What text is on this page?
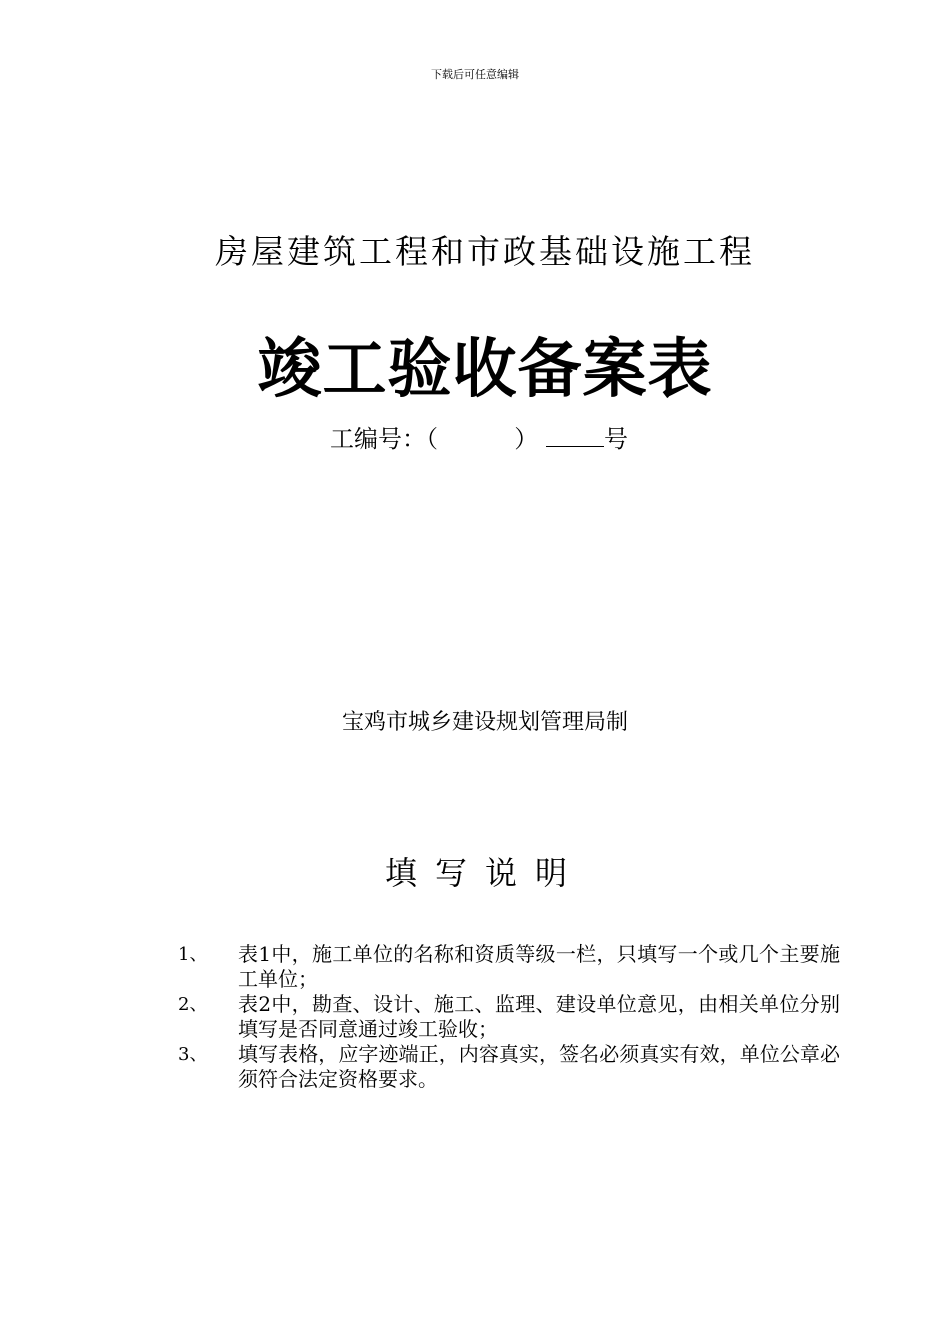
下载后可任意编辑
房屋建筑工程和市政基础设施工程
竣工验收备案表
工编号：（	）	号
宝鸡市城乡建设规划管理局制
填写说明

1、 表1中，施工单位的名称和资质等级一栏，只填写一个或几个主要施工单位；

2、 表2中，勘查、设计、施工、监理、建设单位意见，由相关单位分别填写是否同意通过竣工验收；

3、 填写表格，应字迹端正，内容真实，签名必须真实有效，单位公章必须符合法定资格要求。
